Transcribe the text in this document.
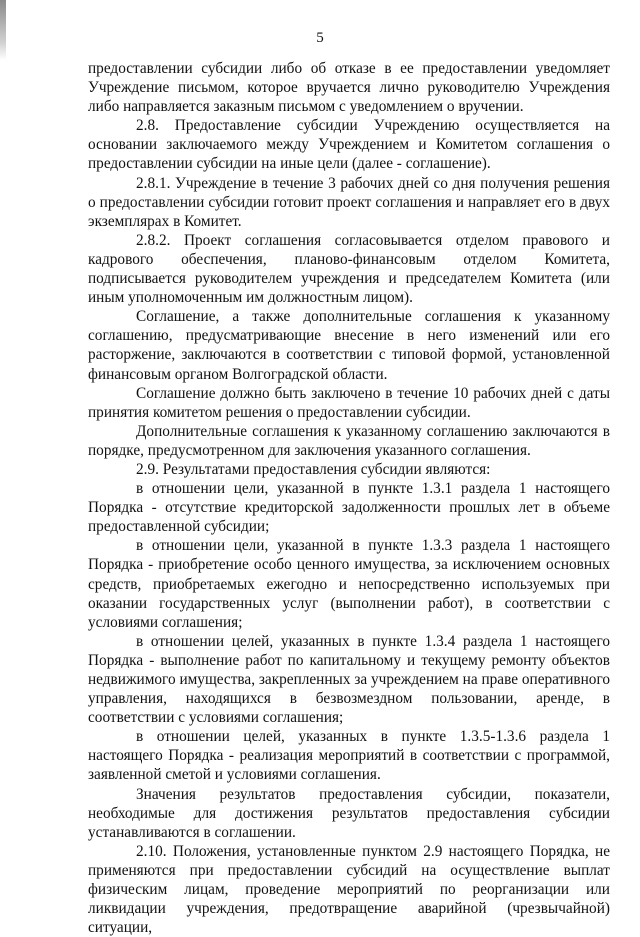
5

предоставлении субсидии либо об отказе в ее предоставлении уведомляет Учреждение письмом, которое вручается лично руководителю Учреждения либо направляется заказным письмом с уведомлением о вручении.

2.8. Предоставление субсидии Учреждению осуществляется на основании заключаемого между Учреждением и Комитетом соглашения о предоставлении субсидии на иные цели (далее - соглашение).

2.8.1. Учреждение в течение 3 рабочих дней со дня получения решения о предоставлении субсидии готовит проект соглашения и направляет его в двух экземплярах в Комитет.

2.8.2. Проект соглашения согласовывается отделом правового и кадрового обеспечения, планово-финансовым отделом Комитета, подписывается руководителем учреждения и председателем Комитета (или иным уполномоченным им должностным лицом).

Соглашение, а также дополнительные соглашения к указанному соглашению, предусматривающие внесение в него изменений или его расторжение, заключаются в соответствии с типовой формой, установленной финансовым органом Волгоградской области.

Соглашение должно быть заключено в течение 10 рабочих дней с даты принятия комитетом решения о предоставлении субсидии.

Дополнительные соглашения к указанному соглашению заключаются в порядке, предусмотренном для заключения указанного соглашения.

2.9. Результатами предоставления субсидии являются:

в отношении цели, указанной в пункте 1.3.1 раздела 1 настоящего Порядка - отсутствие кредиторской задолженности прошлых лет в объеме предоставленной субсидии;

в отношении цели, указанной в пункте 1.3.3 раздела 1 настоящего Порядка - приобретение особо ценного имущества, за исключением основных средств, приобретаемых ежегодно и непосредственно используемых при оказании государственных услуг (выполнении работ), в соответствии с условиями соглашения;

в отношении целей, указанных в пункте 1.3.4 раздела 1 настоящего Порядка - выполнение работ по капитальному и текущему ремонту объектов недвижимого имущества, закрепленных за учреждением на праве оперативного управления, находящихся в безвозмездном пользовании, аренде, в соответствии с условиями соглашения;

в отношении целей, указанных в пункте 1.3.5-1.3.6 раздела 1 настоящего Порядка - реализация мероприятий в соответствии с программой, заявленной сметой и условиями соглашения.

Значения результатов предоставления субсидии, показатели, необходимые для достижения результатов предоставления субсидии устанавливаются в соглашении.

2.10. Положения, установленные пунктом 2.9 настоящего Порядка, не применяются при предоставлении субсидий на осуществление выплат физическим лицам, проведение мероприятий по реорганизации или ликвидации учреждения, предотвращение аварийной (чрезвычайной) ситуации,
